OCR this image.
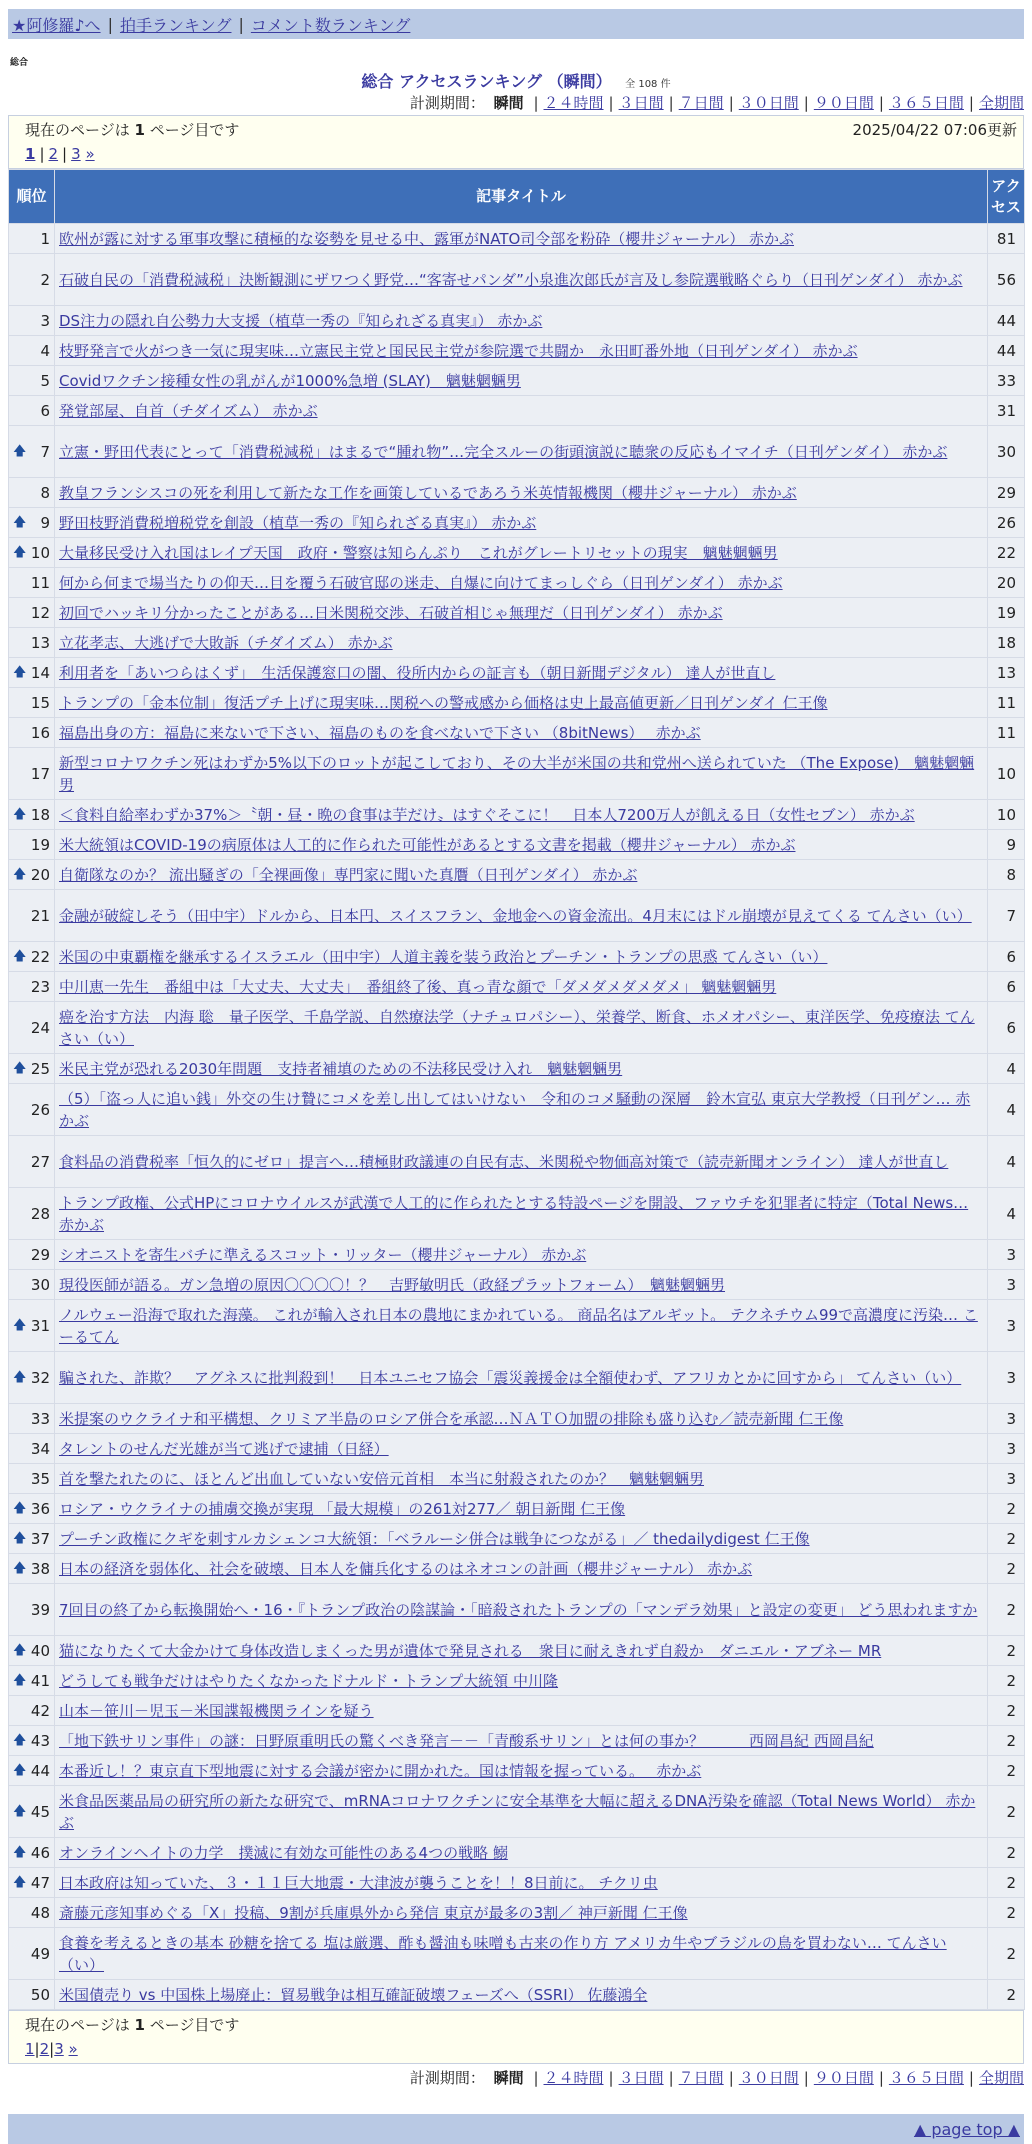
★阿修羅♪へ | 拍手ランキング | コメント数ランキング
総合
総合 アクセスランキング （瞬間） 全 108 件
計測期間： 瞬間 | ２４時間 | ３日間 | ７日間 | ３０日間 | ９０日間 | ３６５日間 | 全期間
現在のページは 1 ページ目です	2025/04/22 07:06更新
1 | 2 | 3 »
順位	記事タイトル	アクセス
1	欧州が露に対する軍事攻撃に積極的な姿勢を見せる中、露軍がNATO司令部を粉砕（櫻井ジャーナル） 赤かぶ	81
2	石破自民の「消費税減税」決断観測にザワつく野党…“客寄せパンダ”小泉進次郎氏が言及し参院選戦略ぐらり（日刊ゲンダイ） 赤かぶ	56
3	DS注力の隠れ自公勢力大支援（植草一秀の『知られざる真実』） 赤かぶ	44
4	枝野発言で火がつき一気に現実味…立憲民主党と国民民主党が参院選で共闘か　永田町番外地（日刊ゲンダイ） 赤かぶ	44
5	Covidワクチン接種女性の乳がんが1000%急増 (SLAY)　魑魅魍魎男	33
6	発覚部屋、自首（チダイズム） 赤かぶ	31

🡅 7	立憲・野田代表にとって「消費税減税」はまるで“腫れ物”…完全スルーの街頭演説に聴衆の反応もイマイチ（日刊ゲンダイ） 赤かぶ	30
8	教皇フランシスコの死を利用して新たな工作を画策しているであろう米英情報機関（櫻井ジャーナル） 赤かぶ	29

🡅 9	野田枝野消費税増税党を創設（植草一秀の『知られざる真実』） 赤かぶ	26

🡅 10	大量移民受け入れ国はレイプ天国　政府・警察は知らんぷり　これがグレートリセットの現実　魑魅魍魎男	22
11	何から何まで場当たりの仰天…目を覆う石破官邸の迷走、自爆に向けてまっしぐら（日刊ゲンダイ） 赤かぶ	20
12	初回でハッキリ分かったことがある…日米関税交渉、石破首相じゃ無理だ（日刊ゲンダイ） 赤かぶ	19
13	立花孝志、大逃げで大敗訴（チダイズム） 赤かぶ	18

🡅 14	利用者を「あいつらはくず」　生活保護窓口の闇、役所内からの証言も（朝日新聞デジタル） 達人が世直し	13
15	トランプの「金本位制」復活プチ上げに現実味…関税への警戒感から価格は史上最高値更新／日刊ゲンダイ 仁王像	11
16	福島出身の方：福島に来ないで下さい、福島のものを食べないで下さい （8bitNews）　 赤かぶ	11
17	新型コロナワクチン死はわずか5%以下のロットが起こしており、その大半が米国の共和党州へ送られていた （The Expose)　魑魅魍魎男	10

🡅 18	＜食料自給率わずか37%＞〝朝・昼・晩の食事は芋だけ〟はすぐそこに！　日本人7200万人が飢える日（女性セブン） 赤かぶ	10
19	米大統領はCOVID-19の病原体は人工的に作られた可能性があるとする文書を掲載（櫻井ジャーナル） 赤かぶ	9

🡅 20	自衛隊なのか？ 流出騒ぎの「全裸画像」専門家に聞いた真贋（日刊ゲンダイ） 赤かぶ	8
21	金融が破綻しそう（田中宇）ドルから、日本円、スイスフラン、金地金への資金流出。4月末にはドル崩壊が見えてくる てんさい（い）	7

🡅 22	米国の中東覇権を継承するイスラエル（田中宇）人道主義を装う政治とプーチン・トランプの思惑 てんさい（い）	6
23	中川恵一先生　番組中は「大丈夫、大丈夫」　番組終了後、真っ青な顔で「ダメダメダメダメ」 魑魅魍魎男	6
24	癌を治す方法　内海 聡　量子医学、千島学説、自然療法学（ナチュロパシー）、栄養学、断食、ホメオパシー、東洋医学、免疫療法 てんさい（い）	6

🡅 25	米民主党が恐れる2030年問題　支持者補填のための不法移民受け入れ　魑魅魍魎男	4
26	（5）「盗っ人に追い銭」外交の生け贄にコメを差し出してはいけない　令和のコメ騒動の深層　鈴木宣弘 東京大学教授（日刊ゲン… 赤かぶ	4
27	食料品の消費税率「恒久的にゼロ」提言へ…積極財政議連の自民有志、米関税や物価高対策で（読売新聞オンライン） 達人が世直し	4
28	トランプ政権、公式HPにコロナウイルスが武漢で人工的に作られたとする特設ページを開設、ファウチを犯罪者に特定（Total News… 赤かぶ	4
29	シオニストを寄生バチに準えるスコット・リッター（櫻井ジャーナル） 赤かぶ	3
30	現役医師が語る。ガン急増の原因〇〇〇〇！？　吉野敏明氏（政経プラットフォーム）　魑魅魍魎男	3

🡅 31	ノルウェー沿海で取れた海藻。 これが輸入され日本の農地にまかれている。 商品名はアルギット。 テクネチウム99で高濃度に汚染… こーるてん	3

🡅 32	騙された、詐欺？　アグネスに批判殺到！　日本ユニセフ協会「震災義援金は全額使わず、アフリカとかに回すから」 てんさい（い）	3
33	米提案のウクライナ和平構想、クリミア半島のロシア併合を承認…ＮＡＴＯ加盟の排除も盛り込む／読売新聞 仁王像	3
34	タレントのせんだ光雄が当て逃げで逮捕（日経）	3
35	首を撃たれたのに、ほとんど出血していない安倍元首相　本当に射殺されたのか？　魑魅魍魎男	3

🡅 36	ロシア・ウクライナの捕虜交換が実現 「最大規模」の261対277／ 朝日新聞 仁王像	2

🡅 37	プーチン政権にクギを刺すルカシェンコ大統領：「ベラルーシ併合は戦争につながる」／ thedailydigest 仁王像	2

🡅 38	日本の経済を弱体化、社会を破壊、日本人を傭兵化するのはネオコンの計画（櫻井ジャーナル） 赤かぶ	2
39	7回目の終了から転換開始へ・16・『トランプ政治の陰謀論・「暗殺されたトランプの「マンデラ効果」と設定の変更」 どう思われますか	2

🡅 40	猫になりたくて大金かけて身体改造しまくった男が遺体で発見される　衆目に耐えきれず自殺か　ダニエル・アブネー MR	2

🡅 41	どうしても戦争だけはやりたくなかったドナルド・トランプ大統領 中川隆	2
42	山本－笹川－児玉－米国諜報機関ラインを疑う	2

🡅 43	「地下鉄サリン事件」の謎：日野原重明氏の驚くべき発言－－「青酸系サリン」とは何の事か？　　　西岡昌紀 西岡昌紀	2

🡅 44	本番近し！？東京直下型地震に対する会議が密かに開かれた。国は情報を握っている。　 赤かぶ	2

🡅 45	米食品医薬品局の研究所の新たな研究で、mRNAコロナワクチンに安全基準を大幅に超えるDNA汚染を確認（Total News World） 赤かぶ	2

🡅 46	オンラインヘイトの力学　撲滅に有効な可能性のある4つの戦略 鰯	2

🡅 47	日本政府は知っていた、３・１１巨大地震・大津波が襲うことを！！8日前に。 チクリ虫	2
48	斎藤元彦知事めぐる「X」投稿、9割が兵庫県外から発信 東京が最多の3割／ 神戸新聞 仁王像	2
49	食養を考えるときの基本 砂糖を捨てる 塩は厳選、酢も醤油も味噌も古来の作り方 アメリカ牛やブラジルの鳥を買わない… てんさい（い）	2
50	米国債売り vs 中国株上場廃止：貿易戦争は相互確証破壊フェーズへ（SSRI） 佐藤鴻全	2
現在のページは 1 ページ目です
1|2|3 »
計測期間： 瞬間 | ２４時間 | ３日間 | ７日間 | ３０日間 | ９０日間 | ３６５日間 | 全期間
▲ page top ▲
